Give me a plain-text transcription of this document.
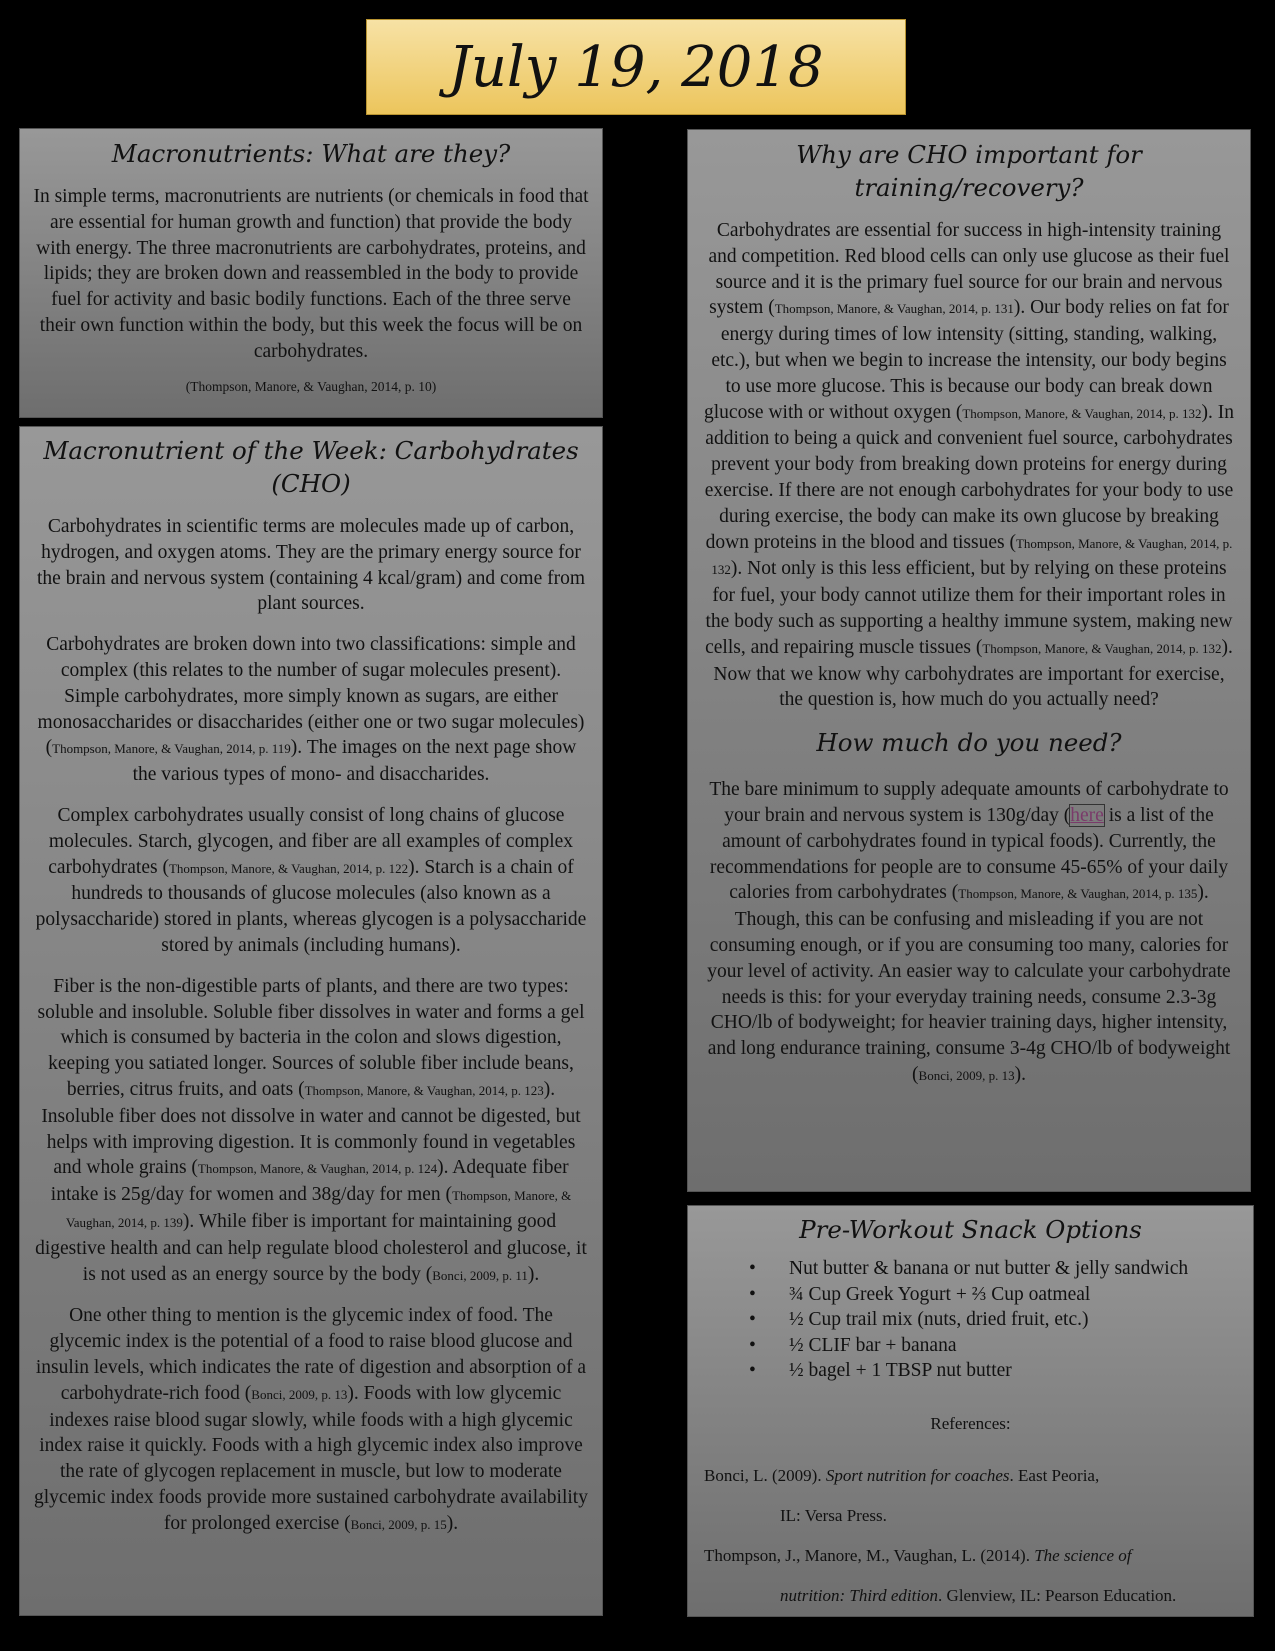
July 19, 2018
Macronutrients: What are they?

In simple terms, macronutrients are nutrients (or chemicals in food that are essential for human growth and function) that provide the body with energy. The three macronutrients are carbohydrates, proteins, and lipids; they are broken down and reassembled in the body to provide fuel for activity and basic bodily functions. Each of the three serve their own function within the body, but this week the focus will be on carbohydrates.

(Thompson, Manore, & Vaughan, 2014, p. 10)
Macronutrient of the Week: Carbohydrates (CHO)

Carbohydrates in scientific terms are molecules made up of carbon, hydrogen, and oxygen atoms. They are the primary energy source for the brain and nervous system (containing 4 kcal/gram) and come from plant sources.

Carbohydrates are broken down into two classifications: simple and complex (this relates to the number of sugar molecules present). Simple carbohydrates, more simply known as sugars, are either monosaccharides or disaccharides (either one or two sugar molecules) (Thompson, Manore, & Vaughan, 2014, p. 119). The images on the next page show the various types of mono- and disaccharides.

Complex carbohydrates usually consist of long chains of glucose molecules. Starch, glycogen, and fiber are all examples of complex carbohydrates (Thompson, Manore, & Vaughan, 2014, p. 122). Starch is a chain of hundreds to thousands of glucose molecules (also known as a polysaccharide) stored in plants, whereas glycogen is a polysaccharide stored by animals (including humans).

Fiber is the non-digestible parts of plants, and there are two types: soluble and insoluble. Soluble fiber dissolves in water and forms a gel which is consumed by bacteria in the colon and slows digestion, keeping you satiated longer. Sources of soluble fiber include beans, berries, citrus fruits, and oats (Thompson, Manore, & Vaughan, 2014, p. 123). Insoluble fiber does not dissolve in water and cannot be digested, but helps with improving digestion. It is commonly found in vegetables and whole grains (Thompson, Manore, & Vaughan, 2014, p. 124). Adequate fiber intake is 25g/day for women and 38g/day for men (Thompson, Manore, & Vaughan, 2014, p. 139). While fiber is important for maintaining good digestive health and can help regulate blood cholesterol and glucose, it is not used as an energy source by the body (Bonci, 2009, p. 11).

One other thing to mention is the glycemic index of food. The glycemic index is the potential of a food to raise blood glucose and insulin levels, which indicates the rate of digestion and absorption of a carbohydrate-rich food (Bonci, 2009, p. 13). Foods with low glycemic indexes raise blood sugar slowly, while foods with a high glycemic index raise it quickly. Foods with a high glycemic index also improve the rate of glycogen replacement in muscle, but low to moderate glycemic index foods provide more sustained carbohydrate availability for prolonged exercise (Bonci, 2009, p. 15).

Why are CHO important for training/recovery?

Carbohydrates are essential for success in high-intensity training and competition. Red blood cells can only use glucose as their fuel source and it is the primary fuel source for our brain and nervous system (Thompson, Manore, & Vaughan, 2014, p. 131). Our body relies on fat for energy during times of low intensity (sitting, standing, walking, etc.), but when we begin to increase the intensity, our body begins to use more glucose. This is because our body can break down glucose with or without oxygen (Thompson, Manore, & Vaughan, 2014, p. 132). In addition to being a quick and convenient fuel source, carbohydrates prevent your body from breaking down proteins for energy during exercise. If there are not enough carbohydrates for your body to use during exercise, the body can make its own glucose by breaking down proteins in the blood and tissues (Thompson, Manore, & Vaughan, 2014, p. 132). Not only is this less efficient, but by relying on these proteins for fuel, your body cannot utilize them for their important roles in the body such as supporting a healthy immune system, making new cells, and repairing muscle tissues (Thompson, Manore, & Vaughan, 2014, p. 132). Now that we know why carbohydrates are important for exercise, the question is, how much do you actually need?

How much do you need?

The bare minimum to supply adequate amounts of carbohydrate to your brain and nervous system is 130g/day (here is a list of the amount of carbohydrates found in typical foods). Currently, the recommendations for people are to consume 45-65% of your daily calories from carbohydrates (Thompson, Manore, & Vaughan, 2014, p. 135). Though, this can be confusing and misleading if you are not consuming enough, or if you are consuming too many, calories for your level of activity. An easier way to calculate your carbohydrate needs is this: for your everyday training needs, consume 2.3-3g CHO/lb of bodyweight; for heavier training days, higher intensity, and long endurance training, consume 3-4g CHO/lb of bodyweight (Bonci, 2009, p. 13).

Pre-Workout Snack Options
•	Nut butter & banana or nut butter & jelly sandwich
•	¾ Cup Greek Yogurt + ⅔ Cup oatmeal
•	½ Cup trail mix (nuts, dried fruit, etc.)
•	½ CLIF bar + banana
•	½ bagel + 1 TBSP nut butter
References:
Bonci, L. (2009). Sport nutrition for coaches. East Peoria,
IL: Versa Press.
Thompson, J., Manore, M., Vaughan, L. (2014). The science of
nutrition: Third edition. Glenview, IL: Pearson Education.
